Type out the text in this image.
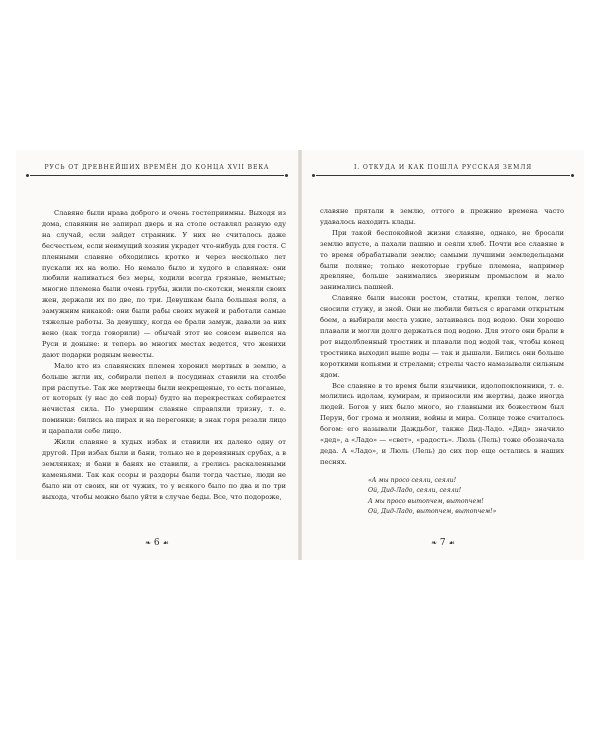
РУСЬ ОТ ДРЕВНЕЙШИХ ВРЕМЁН ДО КОНЦА XVII ВЕКА

Славяне были нрава доброго и очень гостеприимны. Выходя из дома, славянин не запирал дверь и на столе оставлял разную еду на случай, если зайдет странник. У них не считалось даже бесчестьем, если неимущий хозяин украдет что-нибудь для гостя. С пленными славяне обходились кротко и через несколько лет пускали их на волю. Но немало было и худого в славянах: они любили напиваться без меры, ходили всегда грязные, немытые; многие племена были очень грубы, жили по-скотски, меняли своих жен, держали их по две, по три. Девушкам была большая воля, а замужним никакой: они были рабы своих мужей и работали самые тяжелые работы. За девушку, когда ее брали замуж, давали за них вено (как тогда говорили) — обычай этот не совсем вывелся на Руси и доныне: и теперь во многих местах ведется, что женихи дают подарки родным невесты.

Мало кто из славянских племен хоронил мертвых в землю, а больше жгли их, собирали пепел в посудинах ставили на столбе при распутье. Так же мертвецы были некрещеные, то есть поганые, от которых (у нас до сей поры) будто на перекрестках собирается нечистая сила. По умершим славяне справляли тризну, т. е. поминки: бились на пирах и на перегонки; в знак горя резали лицо и царапали себе лицо.

Жили славяне в худых избах и ставили их далеко одну от другой. При избах были и бани, только не в деревянных срубах, а в землянках; и бани в банях не ставили, а грелись раскаленными каменьями. Так как ссоры и раздоры были тогда частые, люди не было ни от своих, ни от чужих, то у всякого было по два и по три выхода, чтобы можно было уйти в случае беды. Все, что подороже,

❧ 6 ☙
I. ОТКУДА И КАК ПОШЛА РУССКАЯ ЗЕМЛЯ

славяне прятали в землю, оттого в прежние времена часто удавалось находить клады.

При такой беспокойной жизни славяне, однако, не бросали землю впусте, а пахали пашню и сеяли хлеб. Почти все славяне в то время обрабатывали землю; самыми лучшими земледельцами были поляне; только некоторые грубые племена, например древляне, больше занимались звериным промыслом и мало занимались пашней.

Славяне были высоки ростом, статны, крепки телом, легко сносили стужу, и зной. Они не любили биться с врагами открытым боем, а выбирали места узкие, затаиваясь под водою. Они хорошо плавали и могли долго держаться под водою. Для этого они брали в рот выдолбленный тростник и плавали под водой так, чтобы конец тростника выходил выше воды — так и дышали. Бились они больше короткими копьями и стрелами; стрелы часто намазывали сильным ядом.

Все славяне в то время были язычники, идолопоклонники, т. е. молились идолам, кумирам, и приносили им жертвы, даже иногда людей. Богов у них было много, но главными их божеством был Перун, бог грома и молнии, войны и мира. Солнце тоже считалось богом: его называли Даждьбог, также Дид-Ладо. «Дид» значило «дед», а «Ладо» — «свет», «радость». Люль (Лель) тоже обозначала деда. А «Ладо», и Люль (Лель) до сих пор еще остались в наших песнях.

«А мы просо сеяли, сеяли!
Ой, Дид-Ладо, сеяли, сеяли!
А мы просо вытопчем, вытопчем!
Ой, Дид-Ладо, вытопчем, вытопчем!»
❧ 7 ☙
